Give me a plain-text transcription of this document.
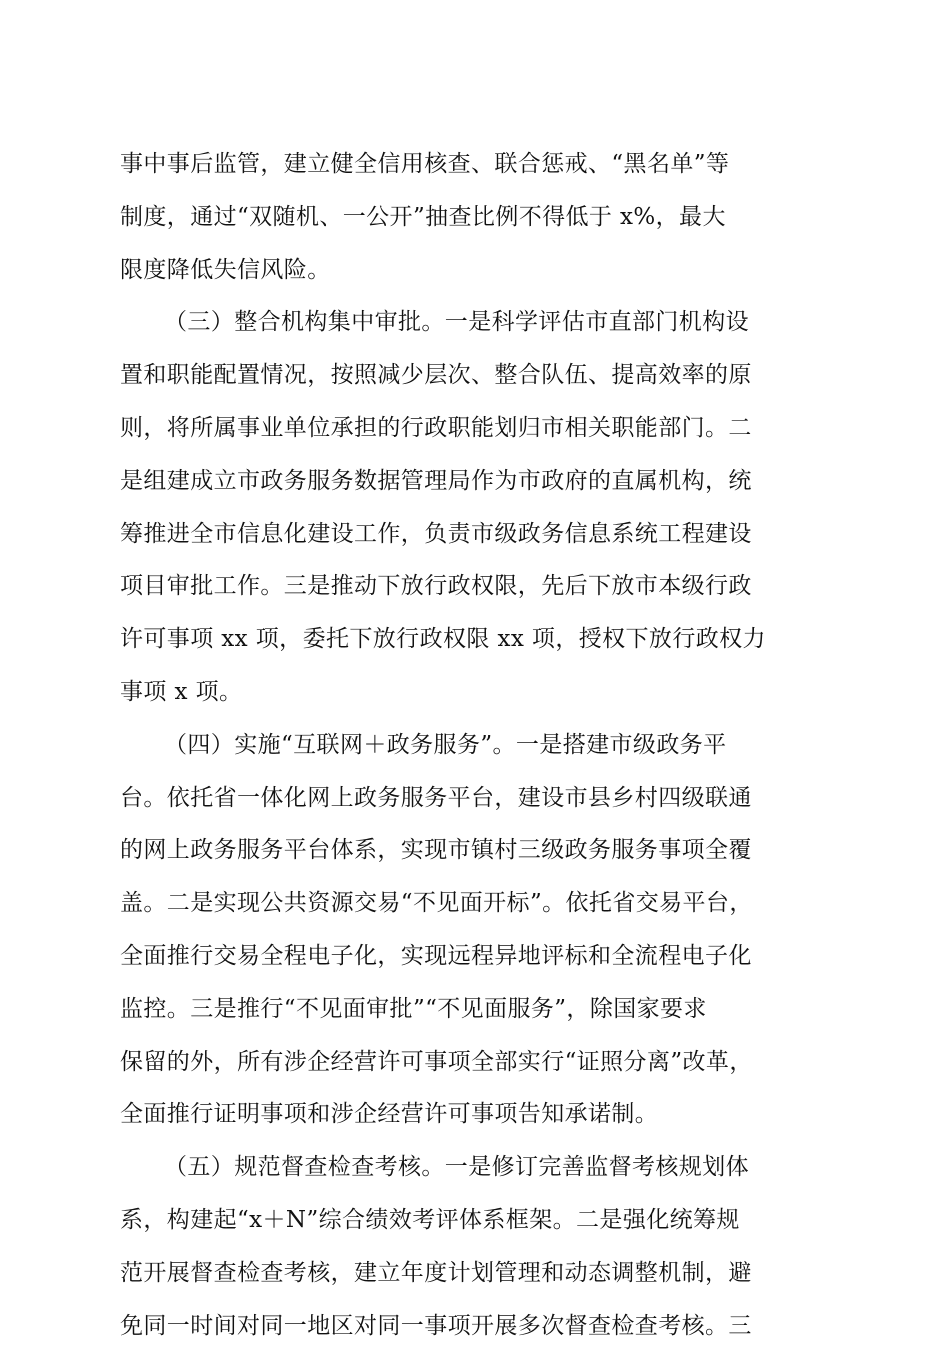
事中事后监管，建立健全信用核查、联合惩戒、“黑名单”等
制度，通过“双随机、一公开”抽查比例不得低于 x%，最大
限度降低失信风险。
（三）整合机构集中审批。一是科学评估市直部门机构设
置和职能配置情况，按照减少层次、整合队伍、提高效率的原
则，将所属事业单位承担的行政职能划归市相关职能部门。二
是组建成立市政务服务数据管理局作为市政府的直属机构，统
筹推进全市信息化建设工作，负责市级政务信息系统工程建设
项目审批工作。三是推动下放行政权限，先后下放市本级行政
许可事项 xx 项，委托下放行政权限 xx 项，授权下放行政权力
事项 x 项。
（四）实施“互联网＋政务服务”。一是搭建市级政务平
台。依托省一体化网上政务服务平台，建设市县乡村四级联通
的网上政务服务平台体系，实现市镇村三级政务服务事项全覆
盖。二是实现公共资源交易“不见面开标”。依托省交易平台，
全面推行交易全程电子化，实现远程异地评标和全流程电子化
监控。三是推行“不见面审批”“不见面服务”，除国家要求
保留的外，所有涉企经营许可事项全部实行“证照分离”改革，
全面推行证明事项和涉企经营许可事项告知承诺制。
（五）规范督查检查考核。一是修订完善监督考核规划体
系，构建起“x＋N”综合绩效考评体系框架。二是强化统筹规
范开展督查检查考核，建立年度计划管理和动态调整机制，避
免同一时间对同一地区对同一事项开展多次督查检查考核。三
